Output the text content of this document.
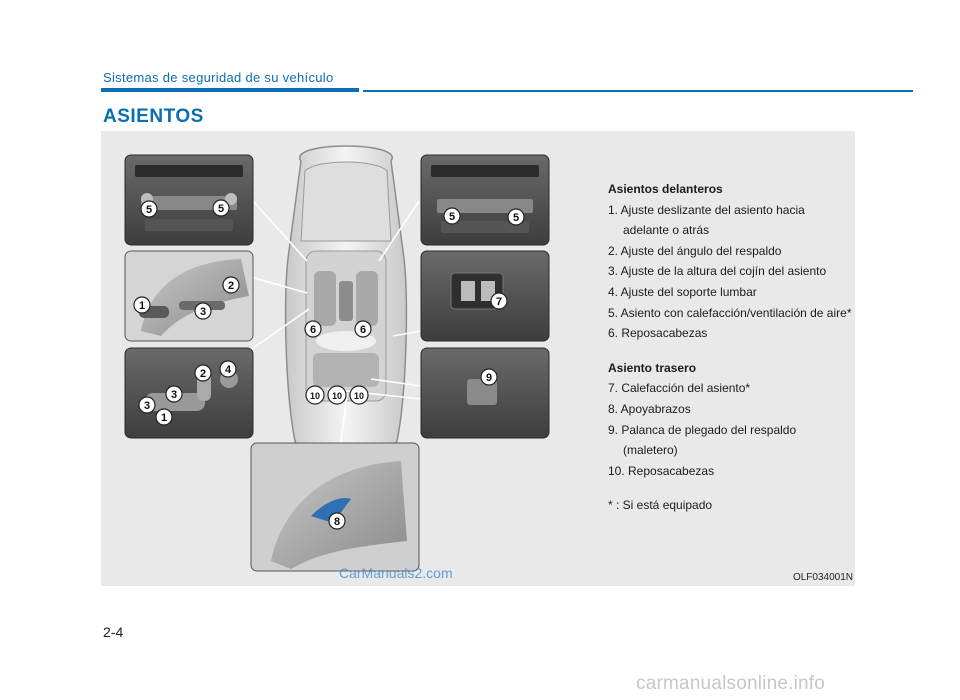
Sistemas de seguridad de su vehículo
ASIENTOS
5	5
2
1	3
2 4
3
3
1
6	6
10 10 10
5	5
7
9
8
Asientos delanteros
1. Ajuste deslizante del asiento hacia adelante o atrás
2. Ajuste del ángulo del respaldo
3. Ajuste de la altura del cojín del asiento
4. Ajuste del soporte lumbar
5. Asiento con calefacción/ventilación de aire*
6. Reposacabezas
Asiento trasero
7. Calefacción del asiento*
8. Apoyabrazos
9. Palanca de plegado del respaldo (maletero)
10. Reposacabezas
* : Si está equipado
OLF034001N
CarManuals2.com
2-4
carmanualsonline.info
